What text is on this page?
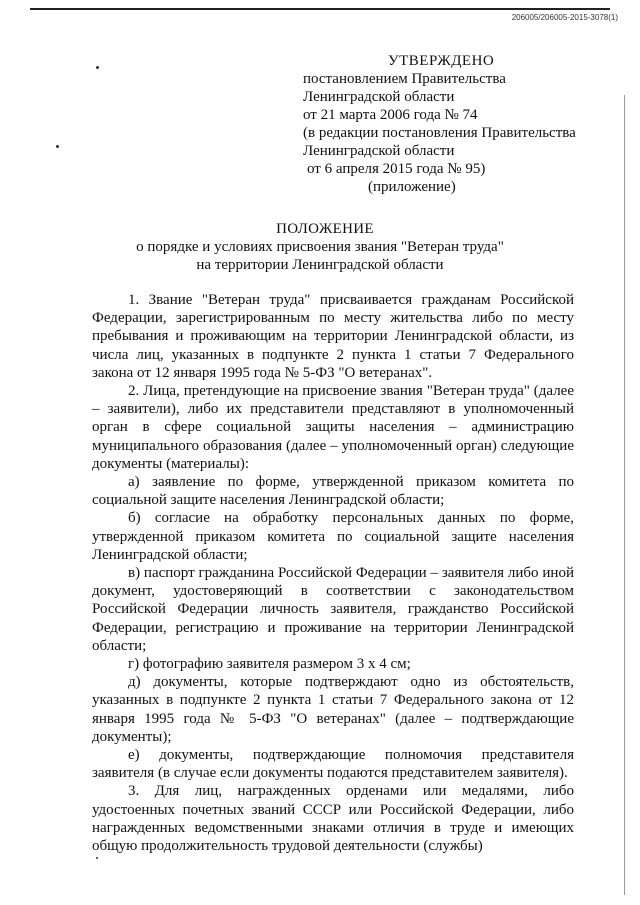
206005/206005-2015-3078(1)
УТВЕРЖДЕНО
постановлением Правительства
Ленинградской области
от 21 марта 2006 года № 74
(в редакции постановления Правительства
Ленинградской области
от 6 апреля 2015 года № 95)
(приложение)
ПОЛОЖЕНИЕ
о порядке и условиях присвоения звания "Ветеран труда"
на территории Ленинградской области

1. Звание "Ветеран труда" присваивается гражданам Российской Федерации, зарегистрированным по месту жительства либо по месту пребывания и проживающим на территории Ленинградской области, из числа лиц, указанных в подпункте 2 пункта 1 статьи 7 Федерального закона от 12 января 1995 года № 5-ФЗ "О ветеранах".

2. Лица, претендующие на присвоение звания "Ветеран труда" (далее – заявители), либо их представители представляют в уполномоченный орган в сфере социальной защиты населения – администрацию муниципального образования (далее – уполномоченный орган) следующие документы (материалы):

а) заявление по форме, утвержденной приказом комитета по социальной защите населения Ленинградской области;

б) согласие на обработку персональных данных по форме, утвержденной приказом комитета по социальной защите населения Ленинградской области;

в) паспорт гражданина Российской Федерации – заявителя либо иной документ, удостоверяющий в соответствии с законодательством Российской Федерации личность заявителя, гражданство Российской Федерации, регистрацию и проживание на территории Ленинградской области;

г) фотографию заявителя размером 3 х 4 см;

д) документы, которые подтверждают одно из обстоятельств, указанных в подпункте 2 пункта 1 статьи 7 Федерального закона от 12 января 1995 года № 5-ФЗ "О ветеранах" (далее – подтверждающие документы);

е) документы, подтверждающие полномочия представителя заявителя (в случае если документы подаются представителем заявителя).

3. Для лиц, награжденных орденами или медалями, либо удостоенных почетных званий СССР или Российской Федерации, либо награжденных ведомственными знаками отличия в труде и имеющих общую продолжительность трудовой деятельности (службы)
